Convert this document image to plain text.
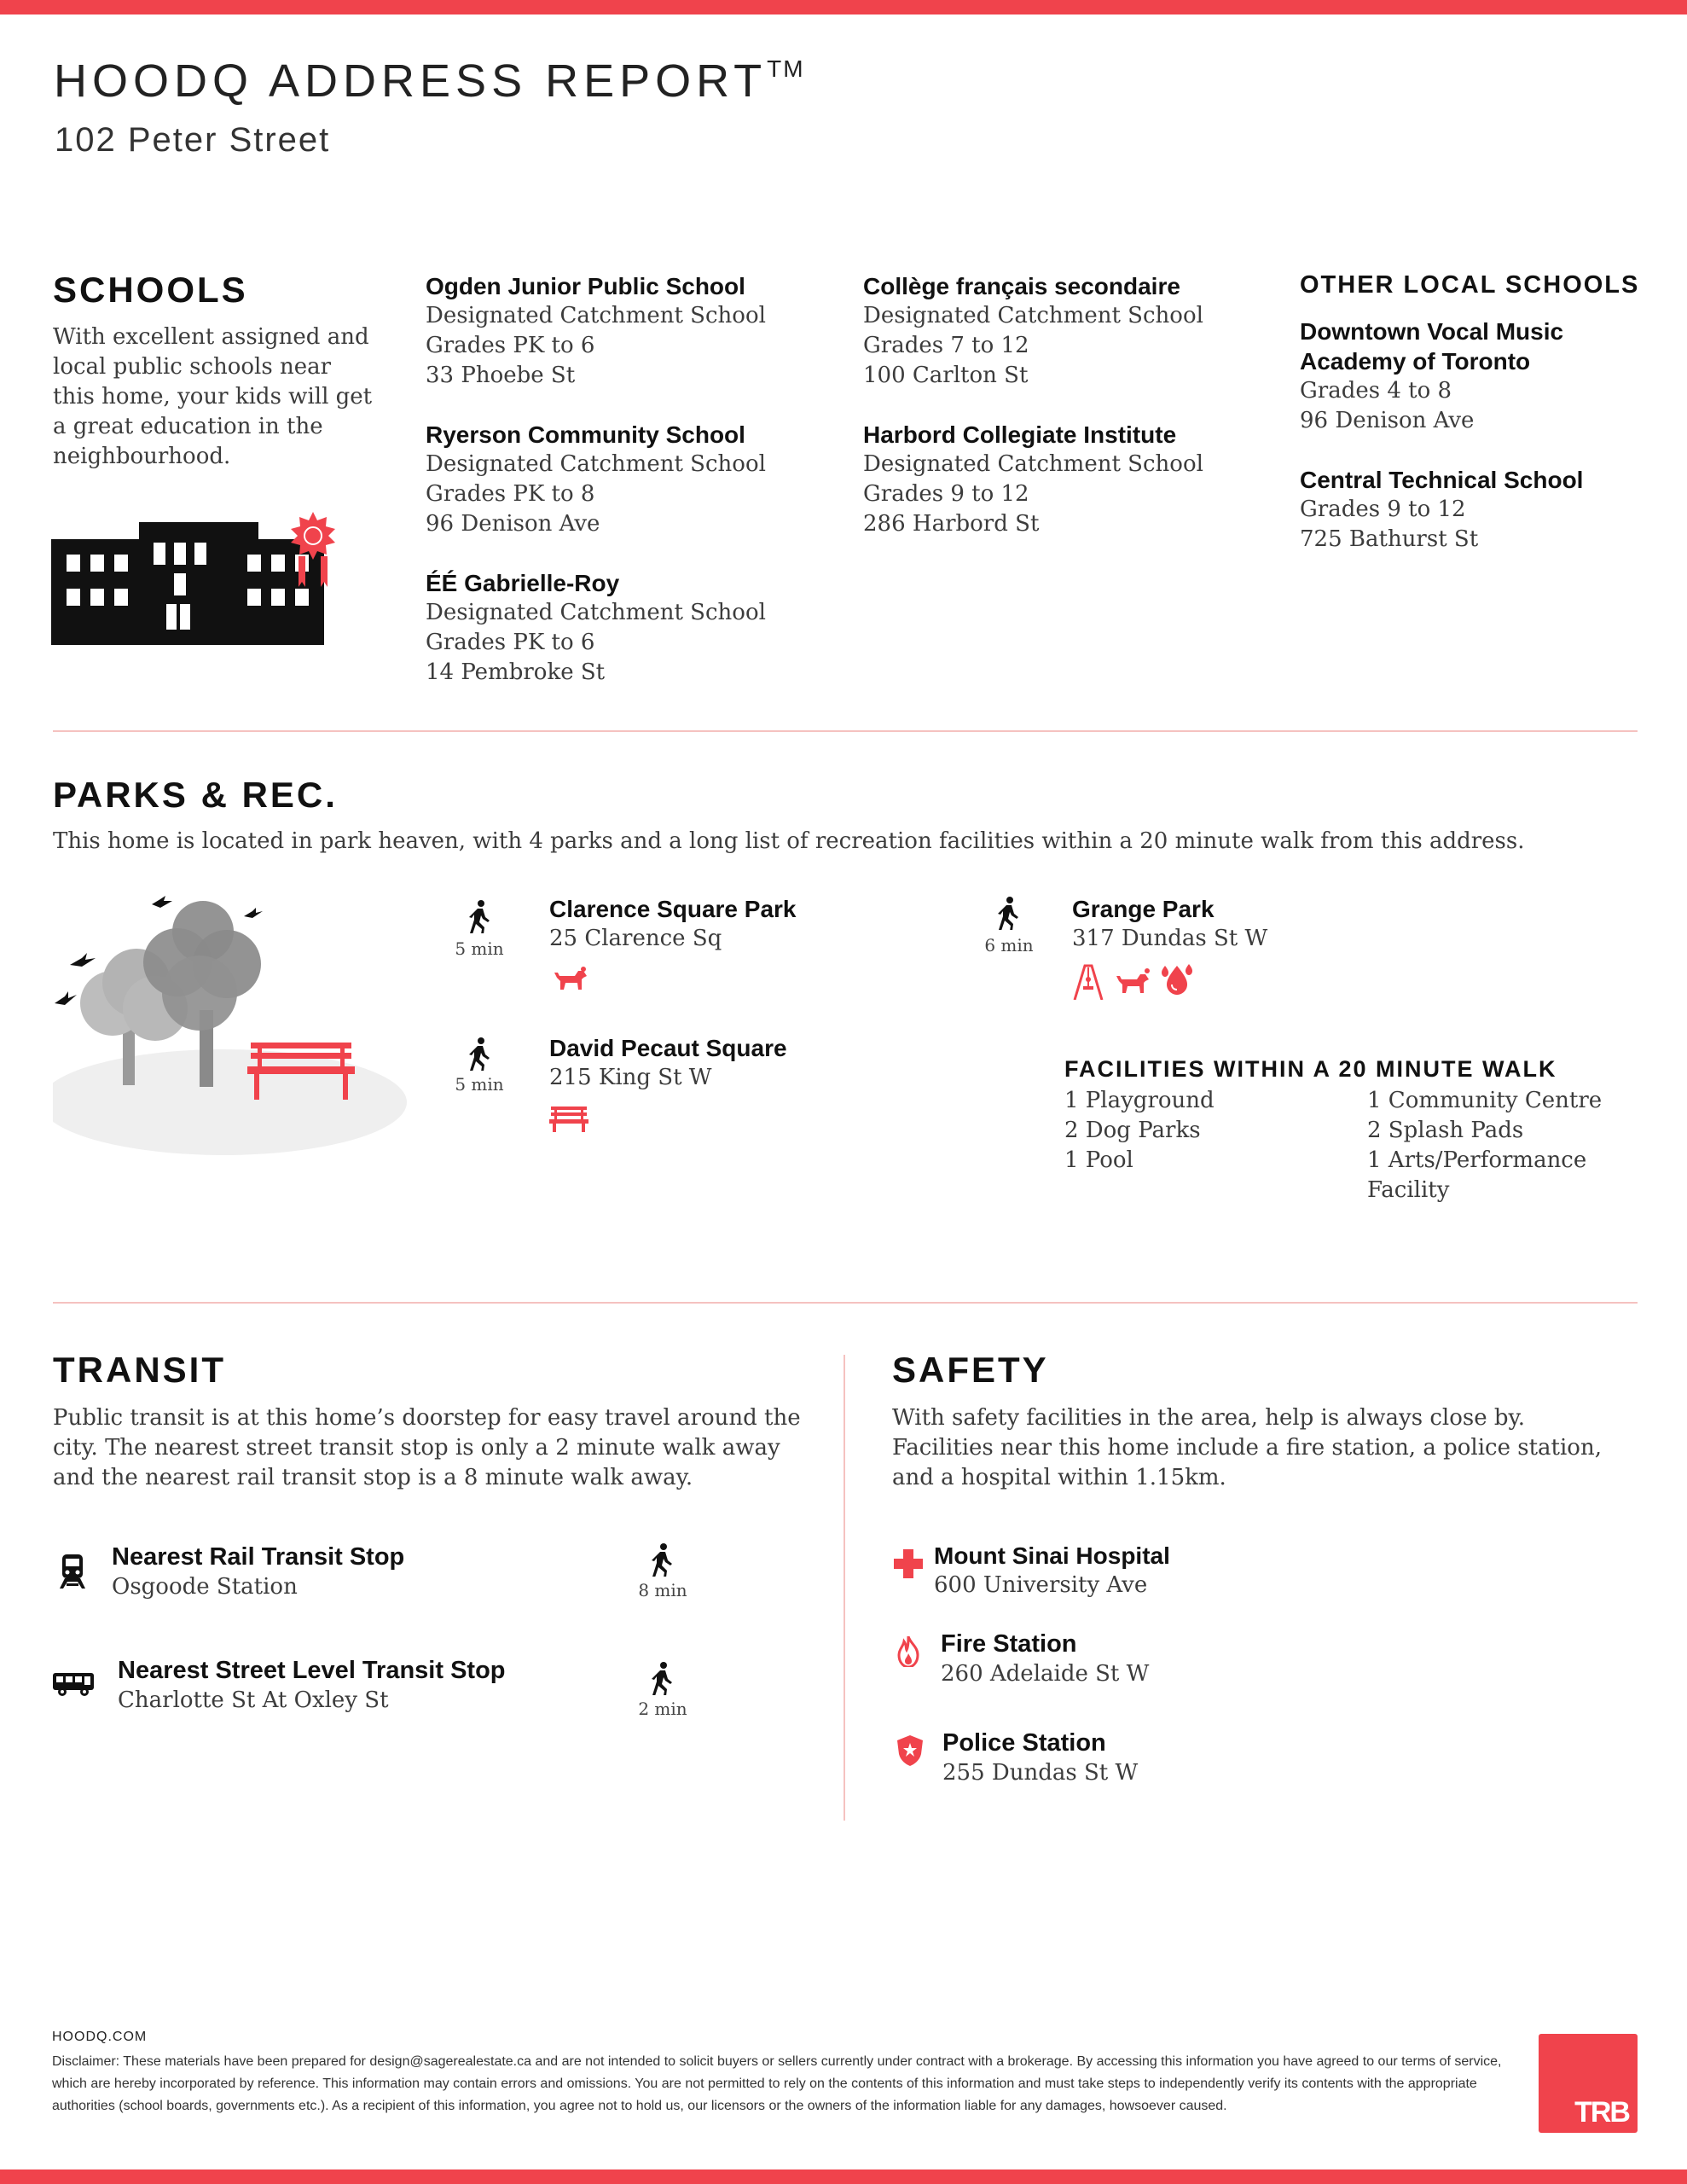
HOODQ ADDRESS REPORT™
102 Peter Street
SCHOOLS
With excellent assigned and local public schools near this home, your kids will get a great education in the neighbourhood.
Ogden Junior Public School
Designated Catchment School
Grades PK to 6
33 Phoebe St
Ryerson Community School
Designated Catchment School
Grades PK to 8
96 Denison Ave
ÉÉ Gabrielle-Roy
Designated Catchment School
Grades PK to 6
14 Pembroke St
Collège français secondaire
Designated Catchment School
Grades 7 to 12
100 Carlton St
Harbord Collegiate Institute
Designated Catchment School
Grades 9 to 12
286 Harbord St
OTHER LOCAL SCHOOLS
Downtown Vocal Music
Academy of Toronto
Grades 4 to 8
96 Denison Ave
Central Technical School
Grades 9 to 12
725 Bathurst St
PARKS & REC.
This home is located in park heaven, with 4 parks and a long list of recreation facilities within a 20 minute walk from this address.
5 min
Clarence Square Park
25 Clarence Sq	6 min
Grange Park
317 Dundas St W
5 min
David Pecaut Square
215 King St W	FACILITIES WITHIN A 20 MINUTE WALK
1 Playground
2 Dog Parks
1 Pool
1 Community Centre
2 Splash Pads
1 Arts/Performance
Facility
TRANSIT
Public transit is at this home’s doorstep for easy travel around the city. The nearest street transit stop is only a 2 minute walk away and the nearest rail transit stop is a 8 minute walk away.
Nearest Rail Transit Stop
Osgoode Station	8 min
Nearest Street Level Transit Stop
Charlotte St At Oxley St	2 min
SAFETY
With safety facilities in the area, help is always close by. Facilities near this home include a fire station, a police station, and a hospital within 1.15km.
Mount Sinai Hospital
600 University Ave
Fire Station
260 Adelaide St W
Police Station
255 Dundas St W
HOODQ.COM
Disclaimer: These materials have been prepared for design@sagerealestate.ca and are not intended to solicit buyers or sellers currently under contract with a brokerage. By accessing this information you have agreed to our terms of service, which are hereby incorporated by reference. This information may contain errors and omissions. You are not permitted to rely on the contents of this information and must take steps to independently verify its contents with the appropriate authorities (school boards, governments etc.). As a recipient of this information, you agree not to hold us, our licensors or the owners of the information liable for any damages, howsoever caused.	TRB
